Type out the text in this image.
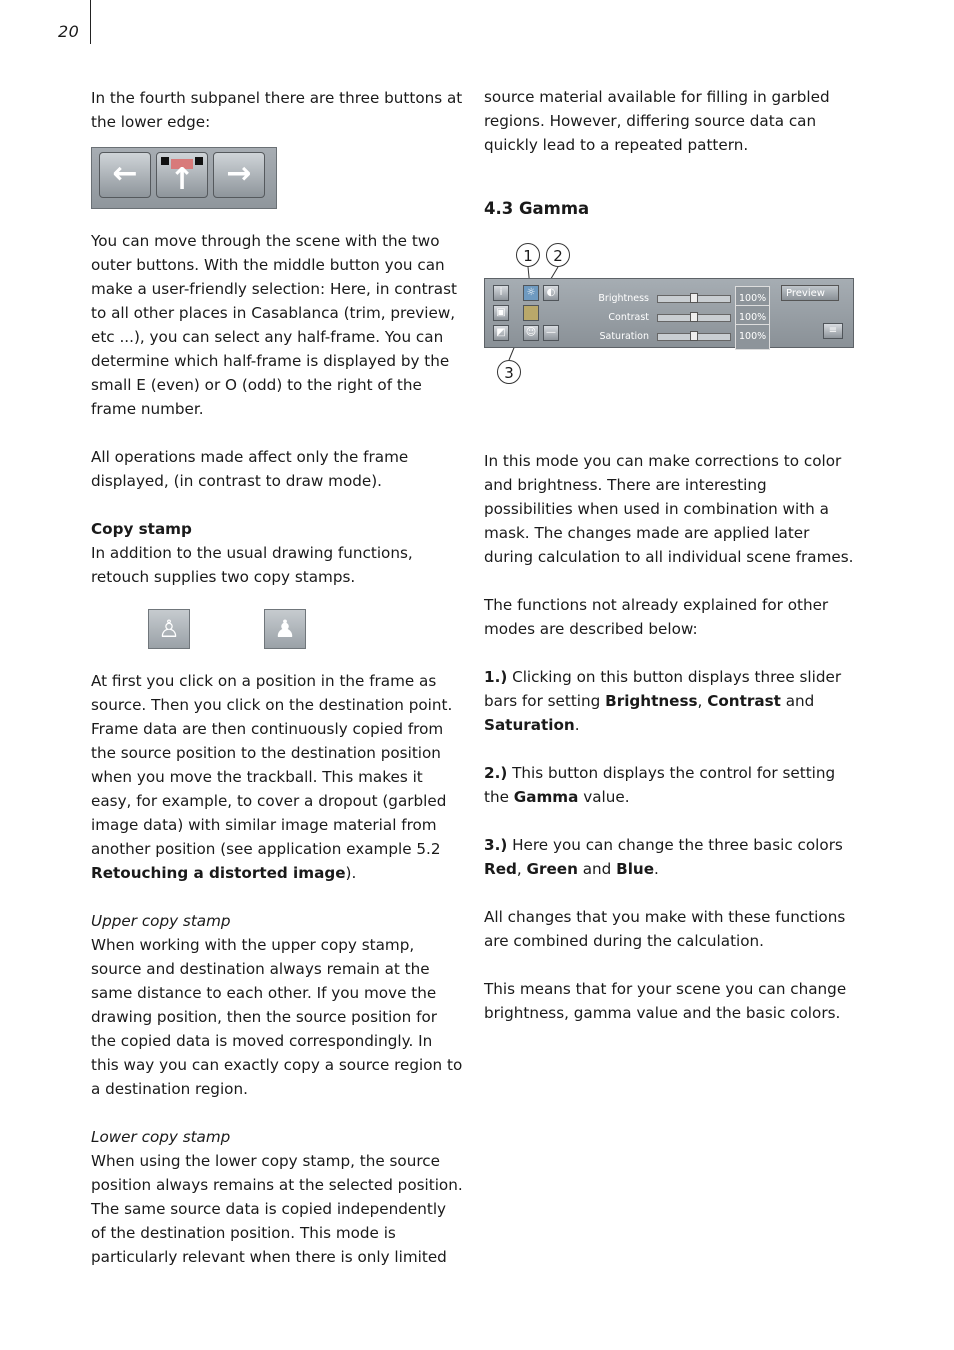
20

In the fourth subpanel there are three buttons at the lower edge:

←	↑	→

You can move through the scene with the two outer buttons. With the middle button you can make a user-friendly selection: Here, in contrast to all other places in Casablanca (trim, preview, etc ...), you can select any half-frame. You can determine which half-frame is displayed by the small E (even) or O (odd) to the right of the frame number.

All operations made affect only the frame displayed, (in contrast to draw mode).

Copy stamp

In addition to the usual drawing functions, retouch supplies two copy stamps.

♙	♟

At first you click on a position in the frame as source. Then you click on the destination point. Frame data are then continuously copied from the source position to the destination position when you move the trackball. This makes it easy, for example, to cover a dropout (garbled image data) with similar image material from another position (see application example 5.2 Retouching a distorted image).

Upper copy stamp

When working with the upper copy stamp, source and destination always remain at the same distance to each other. If you move the drawing position, then the source position for the copied data is moved correspondingly. In this way you can exactly copy a source region to a destination region.

Lower copy stamp

When using the lower copy stamp, the source position always remains at the selected position. The same source data is copied independently of the destination position. This mode is particularly relevant when there is only limited

source material available for filling in garbled regions. However, differing source data can quickly lead to a repeated pattern.

4.3 Gamma

1	2
i
▣
◩
☼	◐
☺ —
Brightness	100%
Contrast	100%
Saturation	100%
Preview
≡
3

In this mode you can make corrections to color and brightness. There are interesting possibilities when used in combination with a mask. The changes made are applied later during calculation to all individual scene frames.

The functions not already explained for other modes are described below:

1.) Clicking on this button displays three slider bars for setting Brightness, Contrast and Saturation.

2.) This button displays the control for setting the Gamma value.

3.) Here you can change the three basic colors Red, Green and Blue.

All changes that you make with these functions are combined during the calculation.

This means that for your scene you can change brightness, gamma value and the basic colors.
